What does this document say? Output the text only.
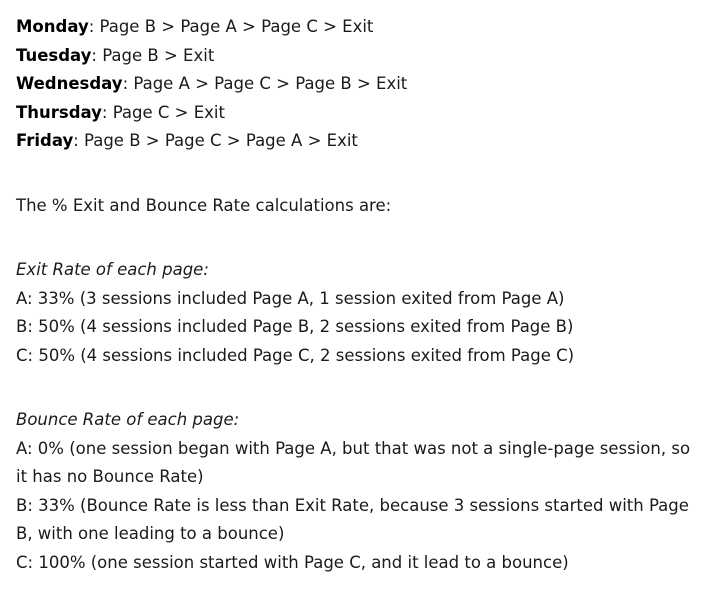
Monday: Page B > Page A > Page C > Exit

Tuesday: Page B > Exit

Wednesday: Page A > Page C > Page B > Exit

Thursday: Page C > Exit

Friday: Page B > Page C > Page A > Exit

The % Exit and Bounce Rate calculations are:

Exit Rate of each page:

A: 33% (3 sessions included Page A, 1 session exited from Page A)

B: 50% (4 sessions included Page B, 2 sessions exited from Page B)

C: 50% (4 sessions included Page C, 2 sessions exited from Page C)

Bounce Rate of each page:

A: 0% (one session began with Page A, but that was not a single-page session, so it has no Bounce Rate)

B: 33% (Bounce Rate is less than Exit Rate, because 3 sessions started with Page B, with one leading to a bounce)

C: 100% (one session started with Page C, and it lead to a bounce)
